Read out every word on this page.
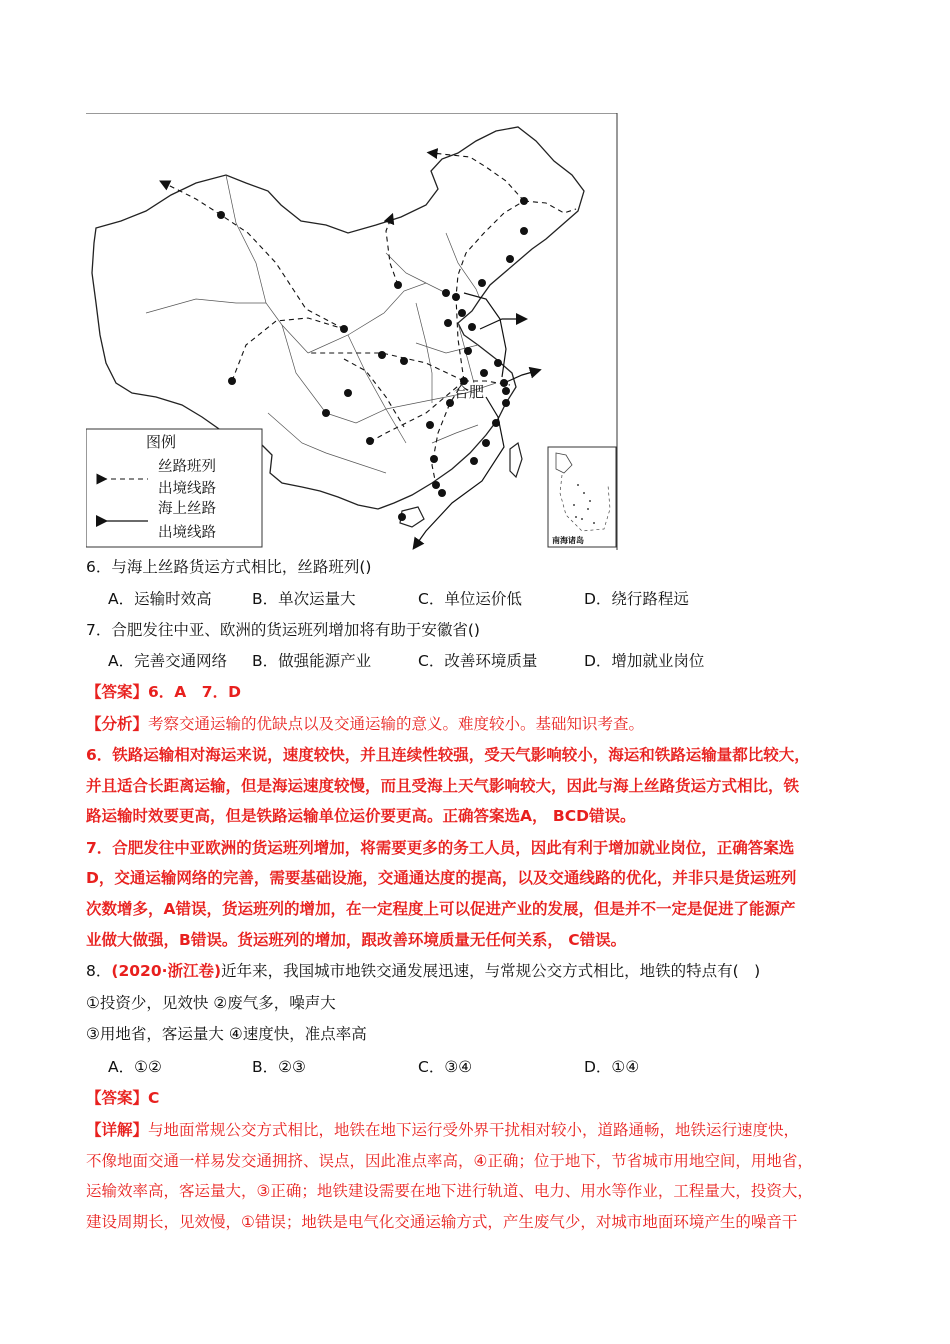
合肥
图例
丝路班列
出境线路
海上丝路
出境线路	南海诸岛
6．与海上丝路货运方式相比，丝路班列()
A．运输时效高	B．单次运量大	C．单位运价低	D．绕行路程远
7．合肥发往中亚、欧洲的货运班列增加将有助于安徽省()
A．完善交通网络 B．做强能源产业	C．改善环境质量	D．增加就业岗位
【答案】6．A　7．D
【分析】考察交通运输的优缺点以及交通运输的意义。难度较小。基础知识考查。
6．铁路运输相对海运来说，速度较快，并且连续性较强，受天气影响较小，海运和铁路运输量都比较大，
并且适合长距离运输，但是海运速度较慢，而且受海上天气影响较大，因此与海上丝路货运方式相比，铁
路运输时效要更高，但是铁路运输单位运价要更高。正确答案选A， BCD错误。
7．合肥发往中亚欧洲的货运班列增加，将需要更多的务工人员，因此有利于增加就业岗位，正确答案选
D，交通运输网络的完善，需要基础设施，交通通达度的提高，以及交通线路的优化，并非只是货运班列
次数增多，A错误，货运班列的增加，在一定程度上可以促进产业的发展，但是并不一定是促进了能源产
业做大做强，B错误。货运班列的增加，跟改善环境质量无任何关系， C错误。
8．(2020·浙江卷)近年来，我国城市地铁交通发展迅速，与常规公交方式相比，地铁的特点有(　)
①投资少，见效快 ②废气多，噪声大
③用地省，客运量大 ④速度快，准点率高
A．①②	B．②③	C．③④	D．①④
【答案】C
【详解】与地面常规公交方式相比，地铁在地下运行受外界干扰相对较小，道路通畅，地铁运行速度快，
不像地面交通一样易发交通拥挤、误点，因此准点率高，④正确；位于地下，节省城市用地空间，用地省，
运输效率高，客运量大，③正确；地铁建设需要在地下进行轨道、电力、用水等作业，工程量大，投资大，
建设周期长，见效慢，①错误；地铁是电气化交通运输方式，产生废气少，对城市地面环境产生的噪音干
